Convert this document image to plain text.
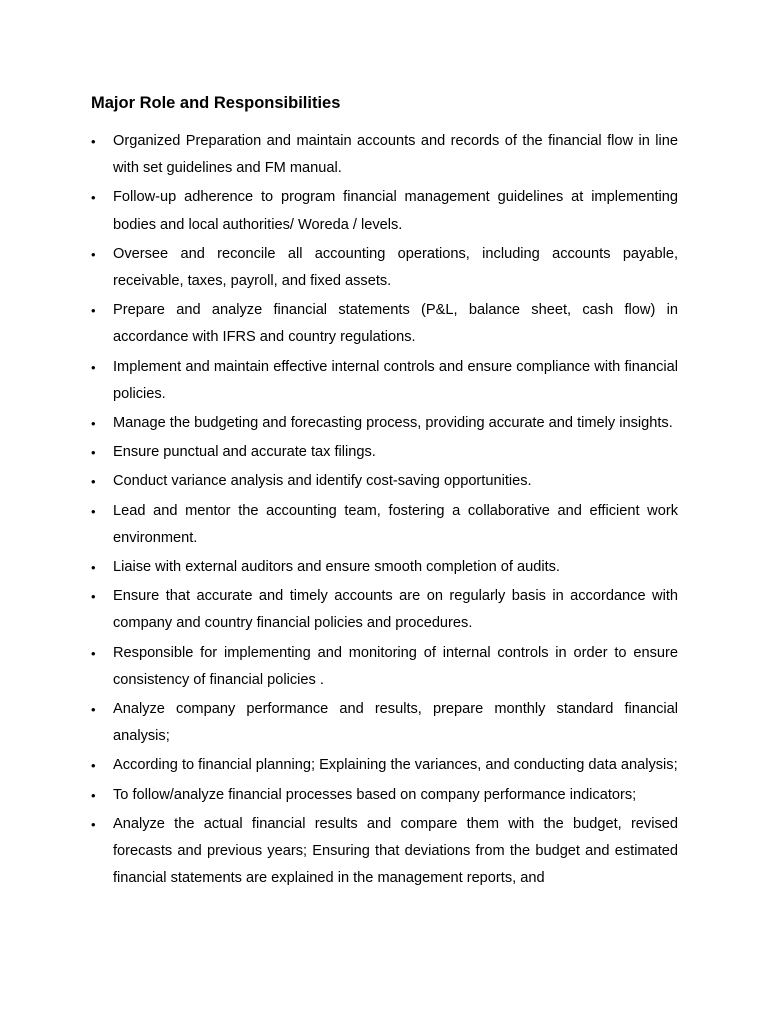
Major Role and Responsibilities
•	Organized Preparation and maintain accounts and records of the financial flow in line with set guidelines and FM manual.
•	Follow-up adherence to program financial management guidelines at implementing bodies and local authorities/ Woreda / levels.
•	Oversee and reconcile all accounting operations, including accounts payable, receivable, taxes, payroll, and fixed assets.
•	Prepare and analyze financial statements (P&L, balance sheet, cash flow) in accordance with IFRS and country regulations.
•	Implement and maintain effective internal controls and ensure compliance with financial policies.
•	Manage the budgeting and forecasting process, providing accurate and timely insights.
•	Ensure punctual and accurate tax filings.
•	Conduct variance analysis and identify cost-saving opportunities.
•	Lead and mentor the accounting team, fostering a collaborative and efficient work environment.
•	Liaise with external auditors and ensure smooth completion of audits.
•	Ensure that accurate and timely accounts are on regularly basis in accordance with company and country financial policies and procedures.
•	Responsible for implementing and monitoring of internal controls in order to ensure consistency of financial policies .
•	Analyze company performance and results, prepare monthly standard financial analysis;
•	According to financial planning; Explaining the variances, and conducting data analysis;
•	To follow/analyze financial processes based on company performance indicators;
•	Analyze the actual financial results and compare them with the budget, revised forecasts and previous years; Ensuring that deviations from the budget and estimated financial statements are explained in the management reports, and
